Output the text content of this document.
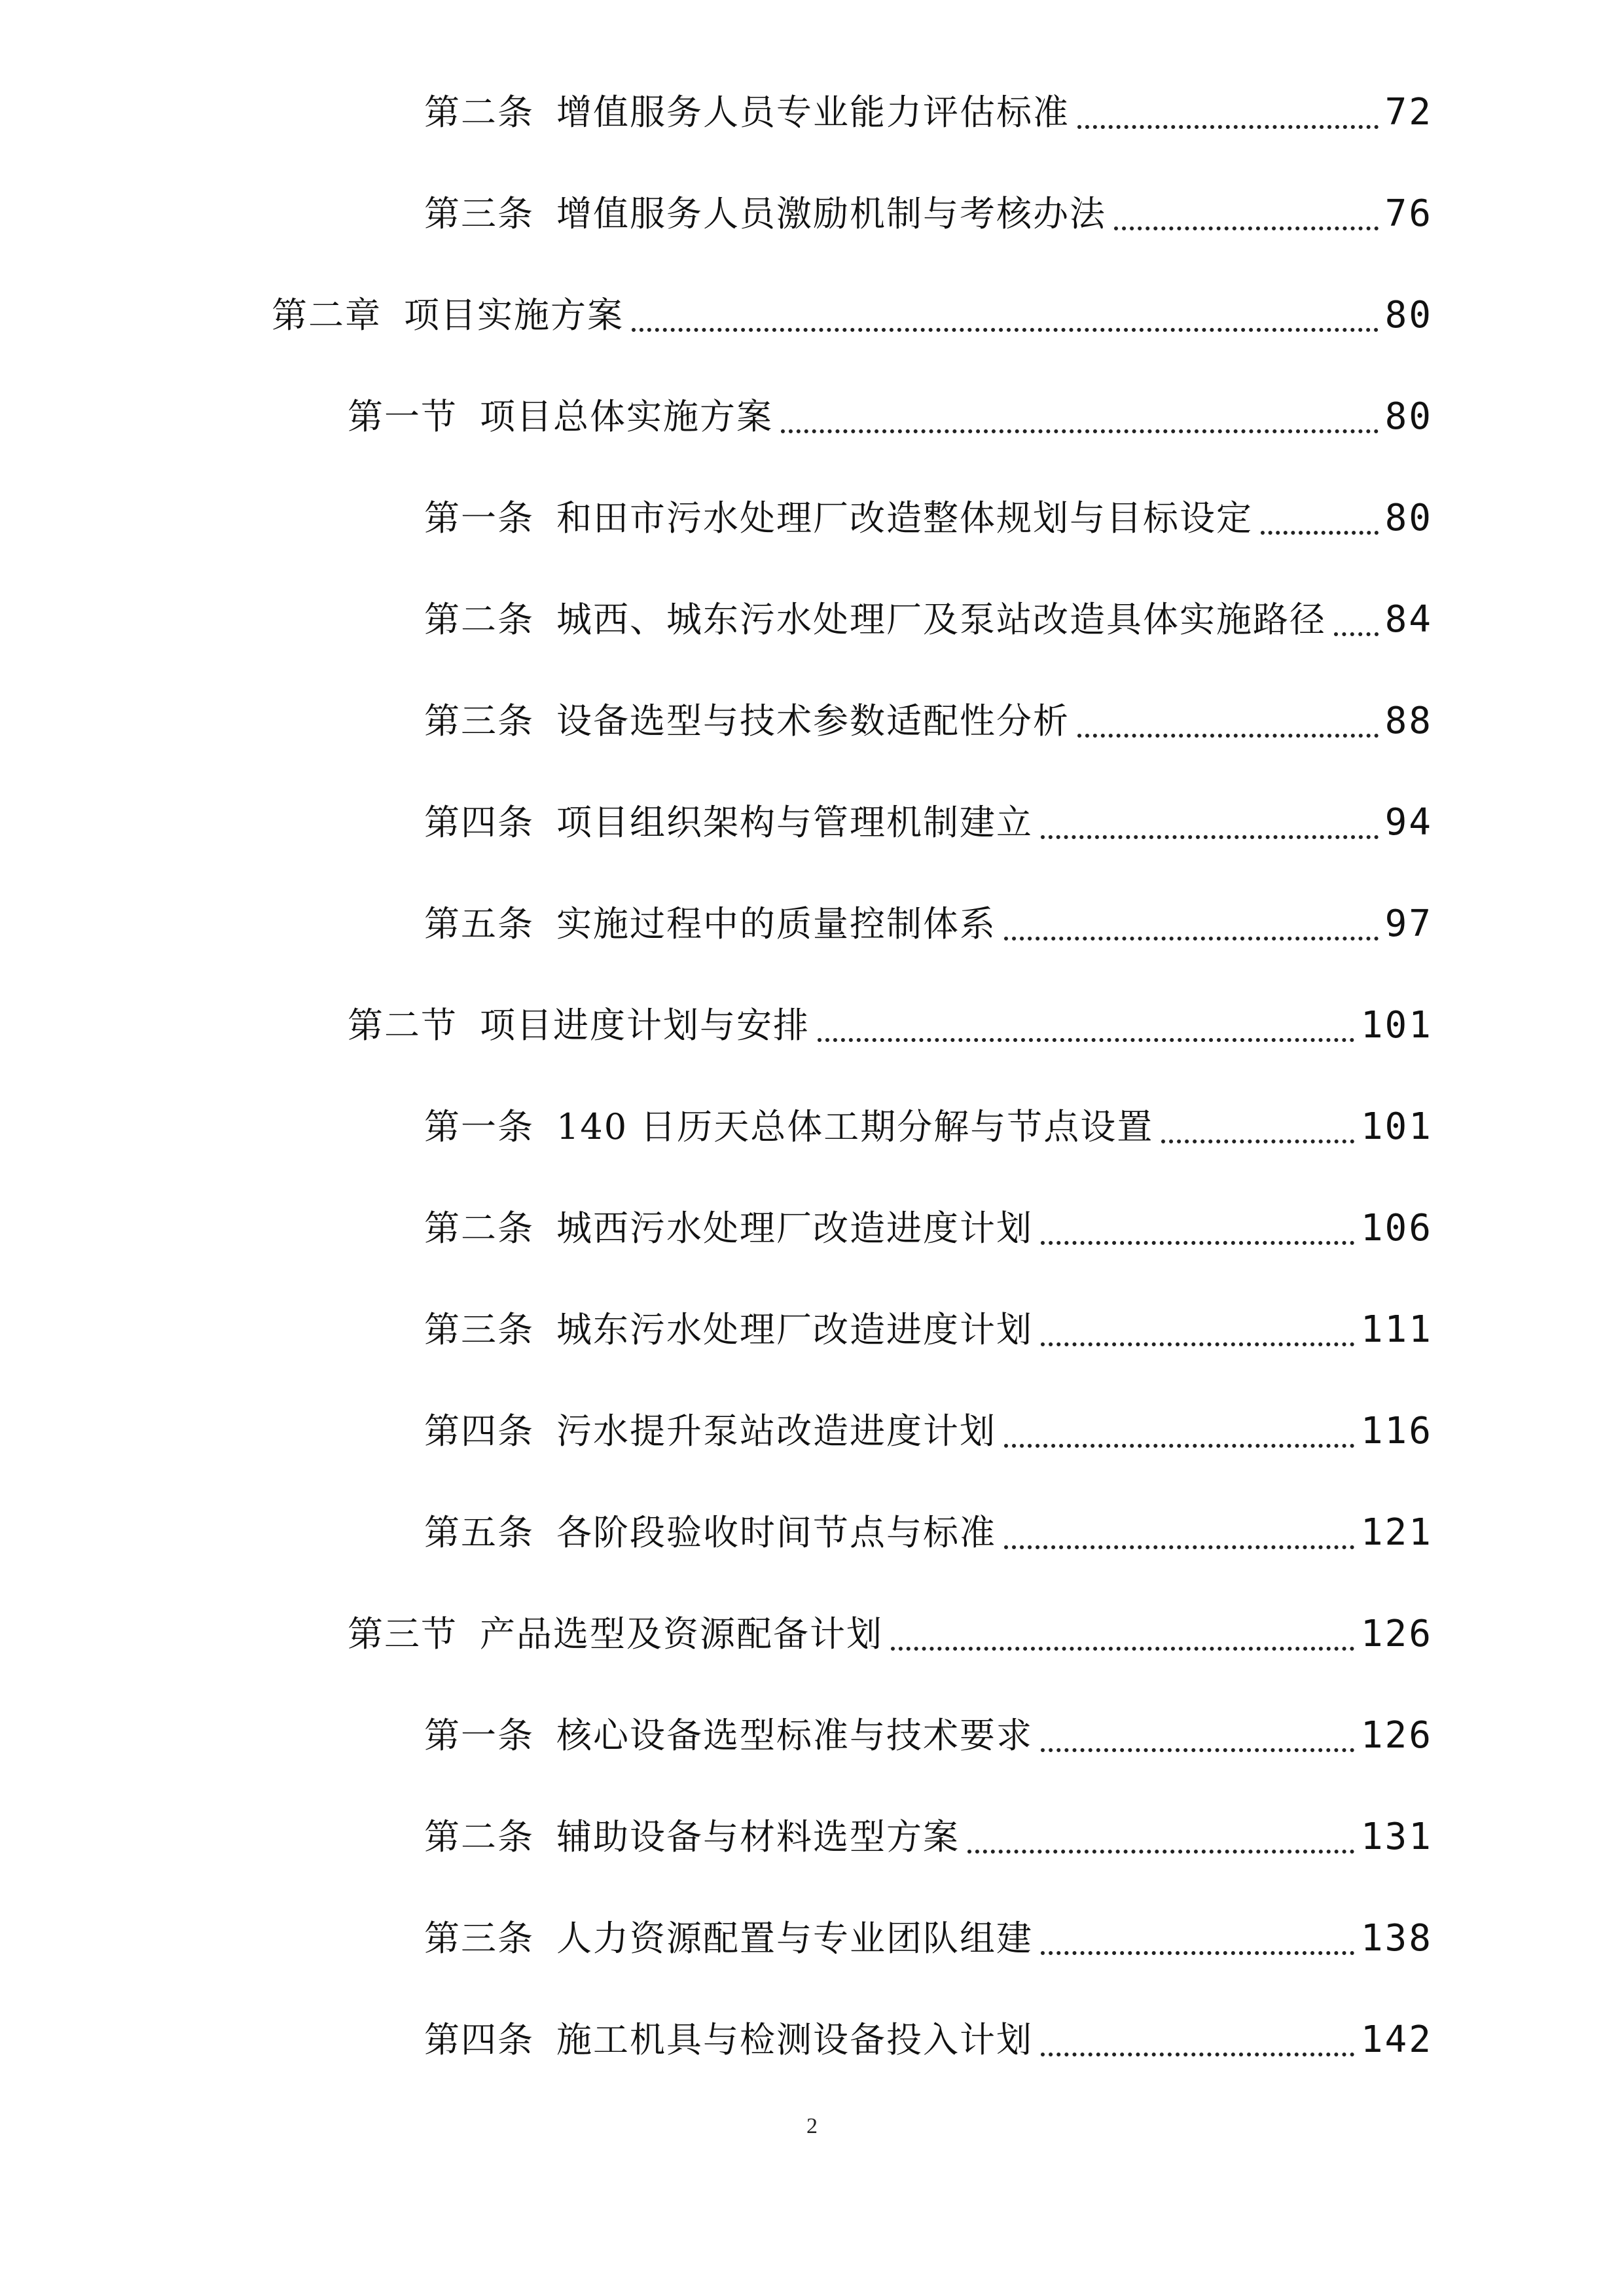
第二条 增值服务人员专业能力评估标准	72
第三条 增值服务人员激励机制与考核办法	76
第二章 项目实施方案	80
第一节 项目总体实施方案	80
第一条 和田市污水处理厂改造整体规划与目标设定	80
第二条 城西、城东污水处理厂及泵站改造具体实施路径 84
第三条 设备选型与技术参数适配性分析	88
第四条 项目组织架构与管理机制建立	94
第五条 实施过程中的质量控制体系	97
第二节 项目进度计划与安排	101
第一条 140 日历天总体工期分解与节点设置	101
第二条 城西污水处理厂改造进度计划	106
第三条 城东污水处理厂改造进度计划	111
第四条 污水提升泵站改造进度计划	116
第五条 各阶段验收时间节点与标准	121
第三节 产品选型及资源配备计划	126
第一条 核心设备选型标准与技术要求	126
第二条 辅助设备与材料选型方案	131
第三条 人力资源配置与专业团队组建	138
第四条 施工机具与检测设备投入计划	142
2
